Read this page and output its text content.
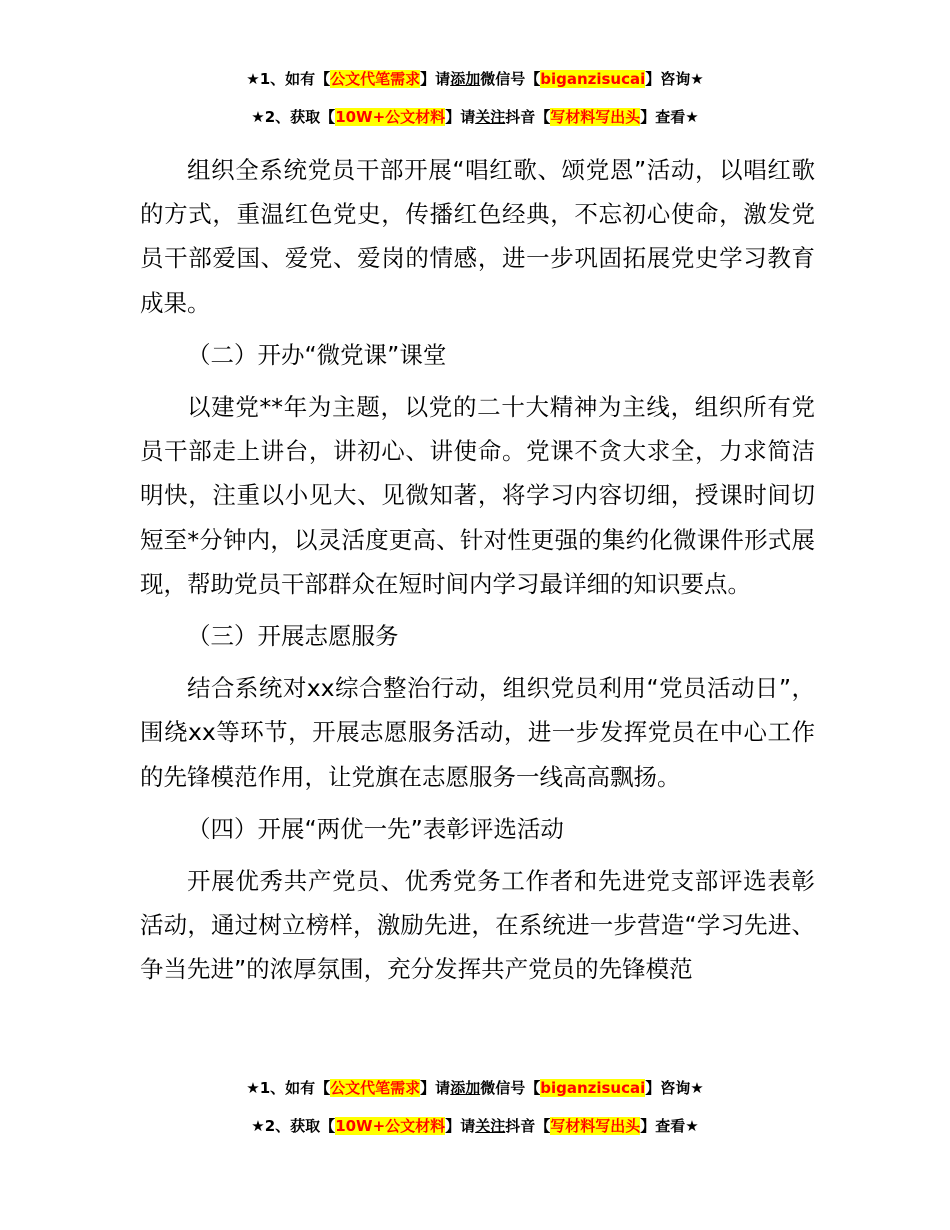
★1、如有【公文代笔需求】请添加微信号【biganzisucai】咨询★
★2、获取【10W+公文材料】请关注抖音【写材料写出头】查看★

组织全系统党员干部开展“唱红歌、颂党恩”活动，以唱红歌的方式，重温红色党史，传播红色经典，不忘初心使命，激发党员干部爱国、爱党、爱岗的情感，进一步巩固拓展党史学习教育成果。

（二）开办“微党课”课堂

以建党**年为主题，以党的二十大精神为主线，组织所有党员干部走上讲台，讲初心、讲使命。党课不贪大求全，力求简洁明快，注重以小见大、见微知著，将学习内容切细，授课时间切短至*分钟内，以灵活度更高、针对性更强的集约化微课件形式展现，帮助党员干部群众在短时间内学习最详细的知识要点。

（三）开展志愿服务

结合系统对xx综合整治行动，组织党员利用“党员活动日”，围绕xx等环节，开展志愿服务活动，进一步发挥党员在中心工作的先锋模范作用，让党旗在志愿服务一线高高飘扬。

（四）开展“两优一先”表彰评选活动

开展优秀共产党员、优秀党务工作者和先进党支部评选表彰活动，通过树立榜样，激励先进，在系统进一步营造“学习先进、争当先进”的浓厚氛围，充分发挥共产党员的先锋模范

★1、如有【公文代笔需求】请添加微信号【biganzisucai】咨询★
★2、获取【10W+公文材料】请关注抖音【写材料写出头】查看★
